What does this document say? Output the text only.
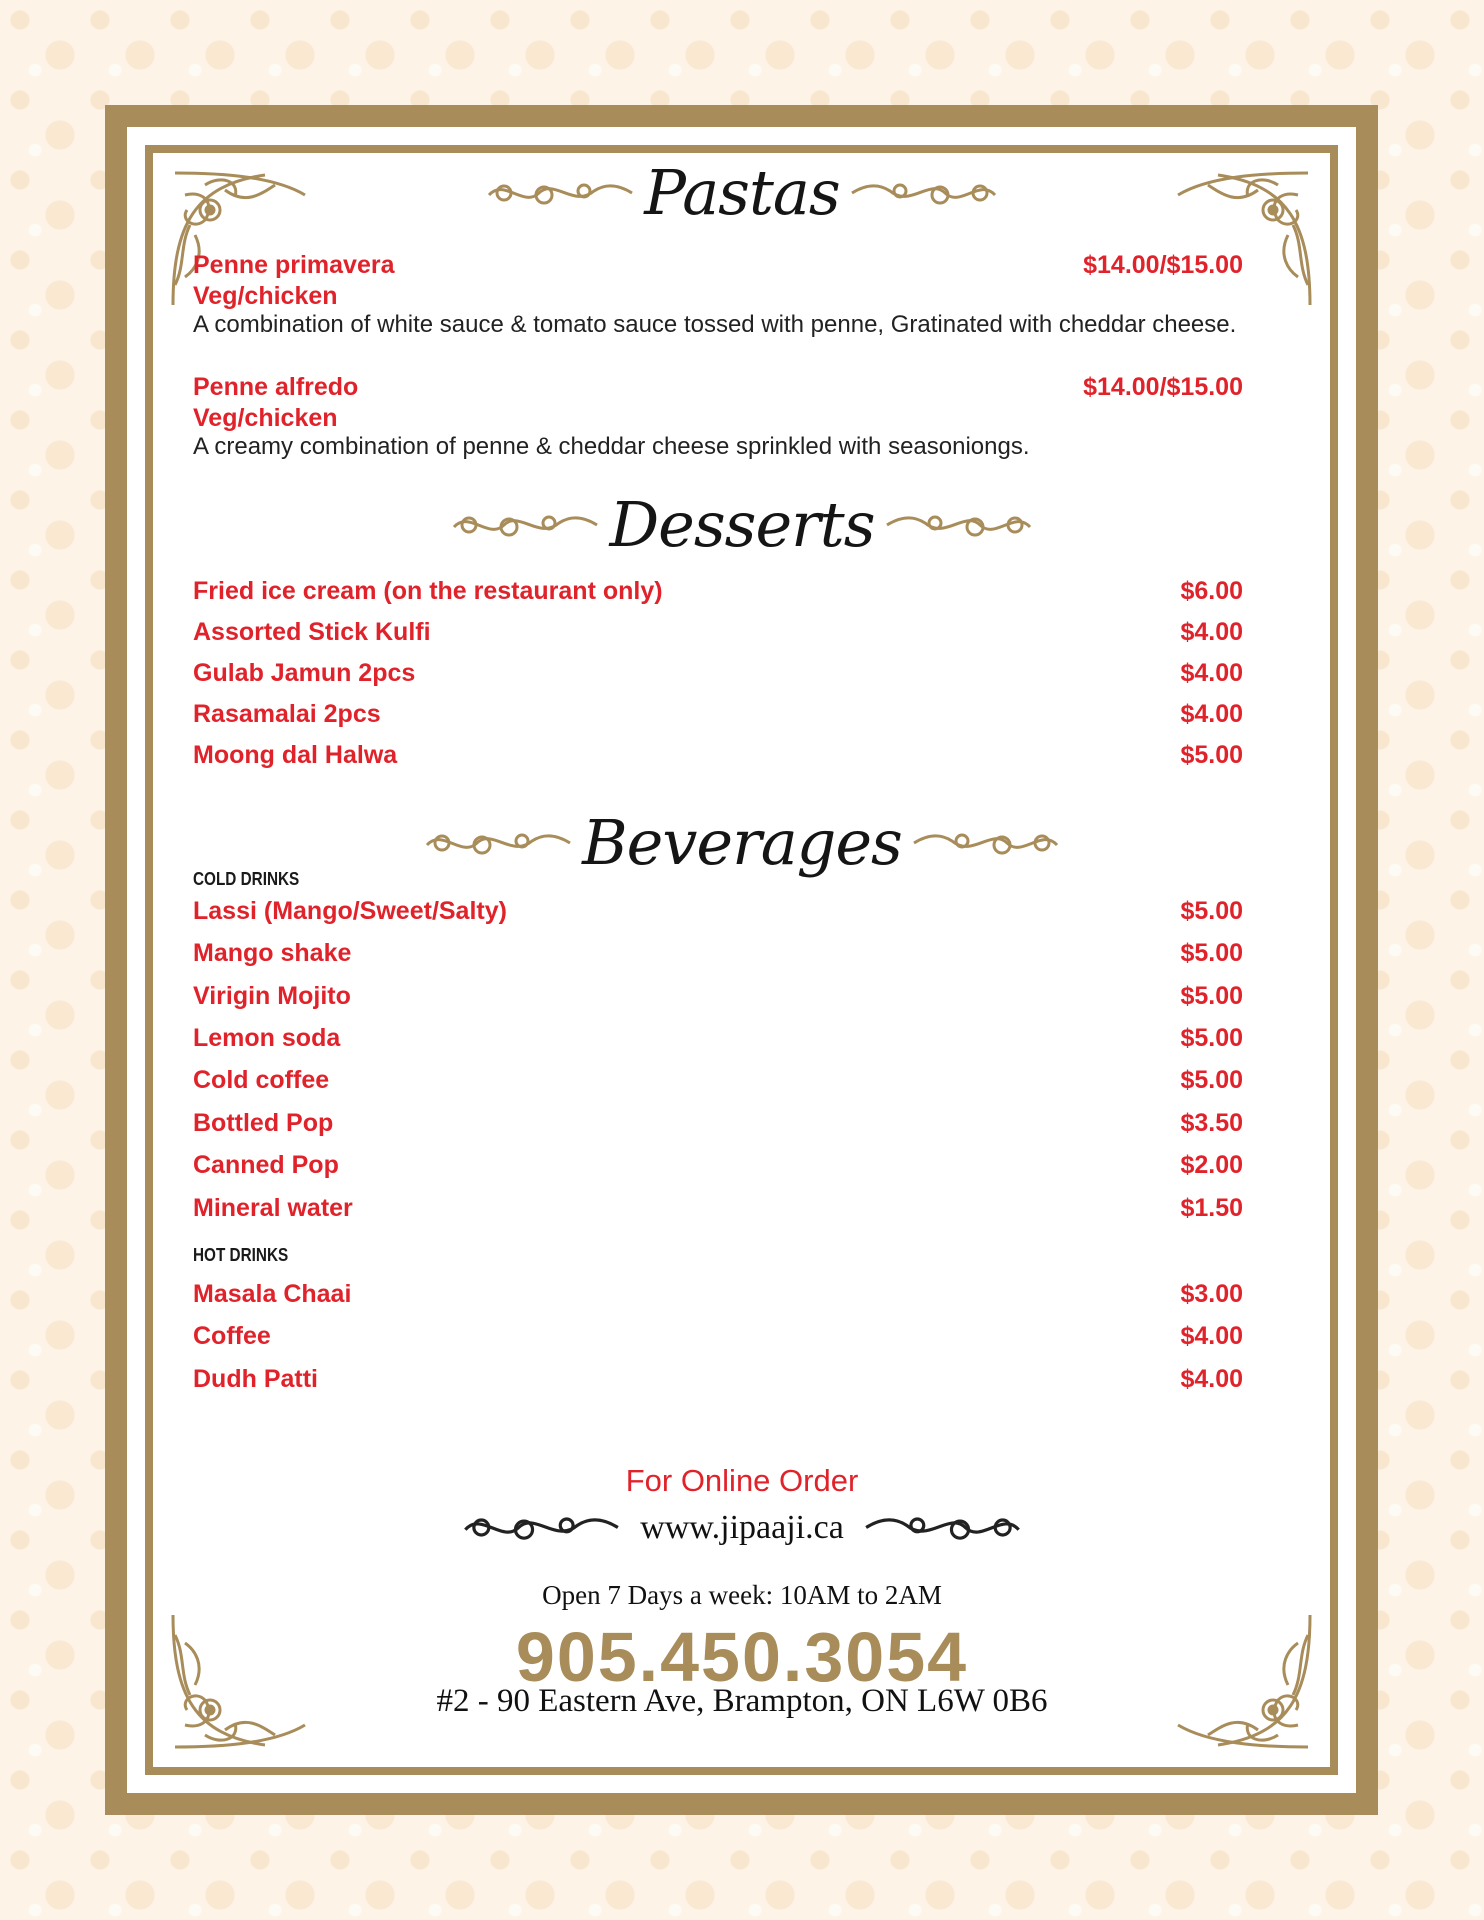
Pastas
Penne primavera	$14.00/$15.00
Veg/chicken
A combination of white sauce & tomato sauce tossed with penne, Gratinated with cheddar cheese.
Penne alfredo	$14.00/$15.00
Veg/chicken
A creamy combination of penne & cheddar cheese sprinkled with seasoniongs.
Desserts
Fried ice cream (on the restaurant only)	$6.00
Assorted Stick Kulfi	$4.00
Gulab Jamun 2pcs	$4.00
Rasamalai 2pcs	$4.00
Moong dal Halwa	$5.00
Beverages
COLD DRINKS
Lassi (Mango/Sweet/Salty)	$5.00
Mango shake	$5.00
Virigin Mojito	$5.00
Lemon soda	$5.00
Cold coffee	$5.00
Bottled Pop	$3.50
Canned Pop	$2.00
Mineral water	$1.50
HOT DRINKS
Masala Chaai	$3.00
Coffee	$4.00
Dudh Patti	$4.00
For Online Order
www.jipaaji.ca
Open 7 Days a week: 10AM to 2AM
905.450.3054
#2 - 90 Eastern Ave, Brampton, ON L6W 0B6
